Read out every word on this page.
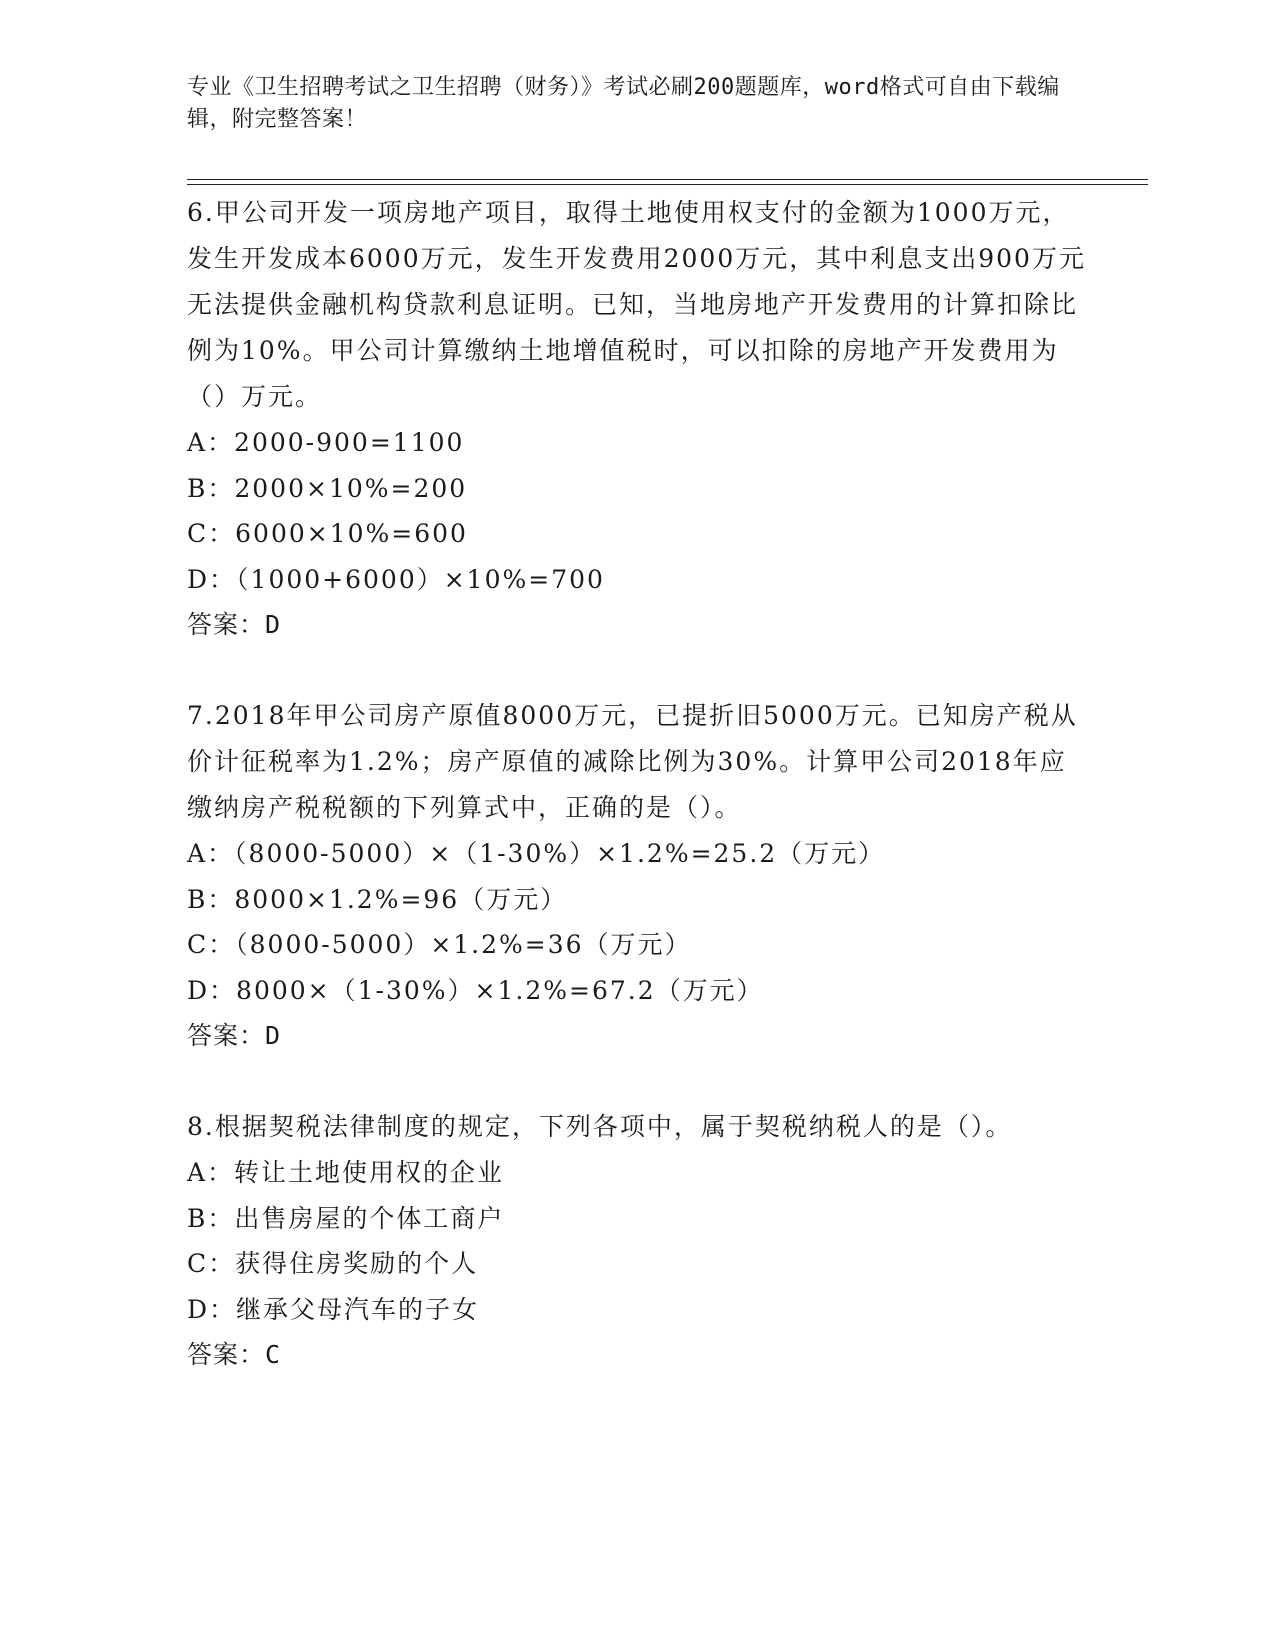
专业《卫生招聘考试之卫生招聘（财务）》考试必刷200题题库，word格式可自由下载编辑，附完整答案！

6.甲公司开发一项房地产项目，取得土地使用权支付的金额为1000万元，发生开发成本6000万元，发生开发费用2000万元，其中利息支出900万元无法提供金融机构贷款利息证明。已知，当地房地产开发费用的计算扣除比例为10%。甲公司计算缴纳土地增值税时，可以扣除的房地产开发费用为（）万元。

A：2000-900=1100

B：2000×10%=200

C：6000×10%=600

D：（1000+6000）×10%=700

答案：D

7.2018年甲公司房产原值8000万元，已提折旧5000万元。已知房产税从价计征税率为1.2%；房产原值的减除比例为30%。计算甲公司2018年应缴纳房产税税额的下列算式中，正确的是（）。

A：（8000-5000）×（1-30%）×1.2%=25.2（万元）

B：8000×1.2%=96（万元）

C：（8000-5000）×1.2%=36（万元）

D：8000×（1-30%）×1.2%=67.2（万元）

答案：D

8.根据契税法律制度的规定，下列各项中，属于契税纳税人的是（）。

A：转让土地使用权的企业

B：出售房屋的个体工商户

C：获得住房奖励的个人

D：继承父母汽车的子女

答案：C
